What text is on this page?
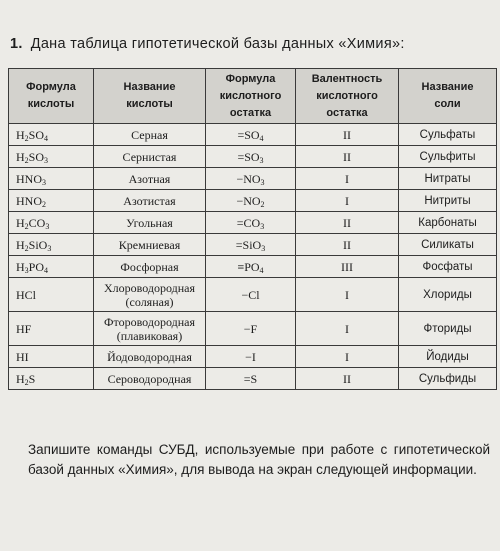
1. Дана таблица гипотетической базы данных «Химия»:
Формула
кислоты	Название
кислоты	Формула
кислотного
остатка	Валентность
кислотного
остатка	Название
соли
$H_2SO_4$	Серная	$=SO_4$	II	Сульфаты
$H_2SO_3$	Сернистая	$=SO_3$	II	Сульфиты
$HNO_3$	Азотная	$-NO_3$	I	Нитраты
$HNO_2$	Азотистая	$-NO_2$	I	Нитриты
$H_2CO_3$	Угольная	$=CO_3$	II	Карбонаты
$H_2SiO_3$	Кремниевая	=SiO$_3$	II	Силикаты
$H_3PO_4$	Фосфорная	$\equiv PO_4$	III	Фосфаты
HCl	Хлороводородная
(соляная)	−Cl	I	Хлориды
HF	Фтороводородная
(плавиковая)	−F	I	Фториды
HI	Йодоводородная	−I	I	Йодиды
$H_2S$	Сероводородная	=S	II	Сульфиды
Запишите команды СУБД, используемые при работе с гипотетической базой данных «Химия», для вывода на экран следующей информации.
